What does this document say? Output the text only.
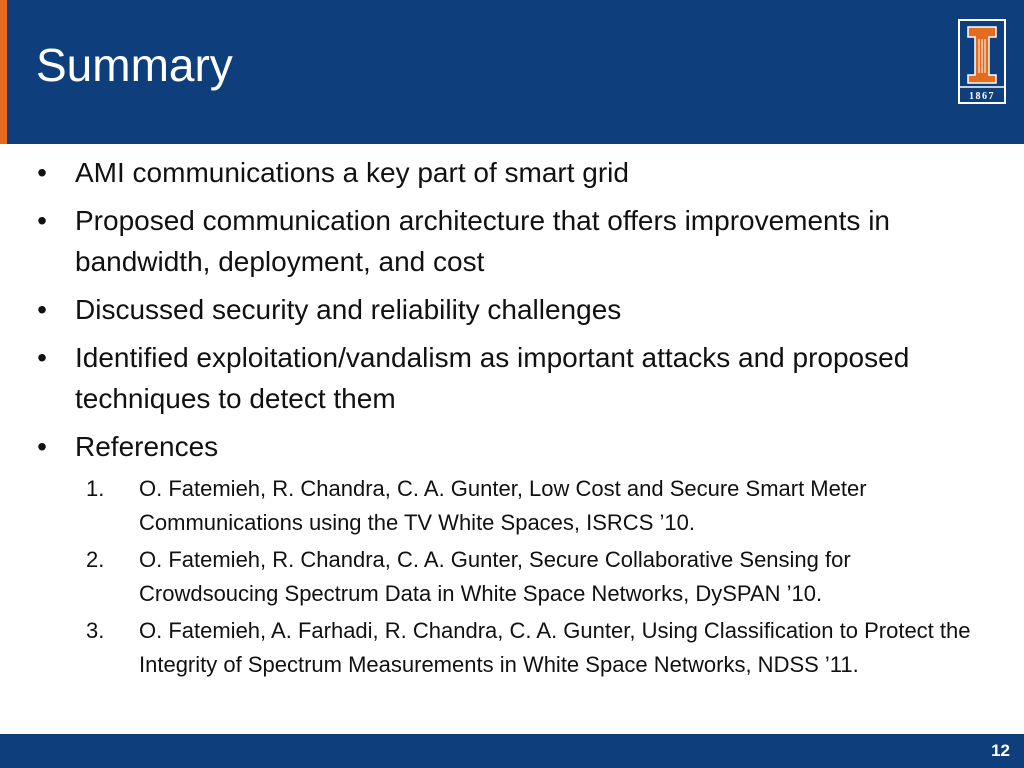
Summary
1867
• AMI communications a key part of smart grid
• Proposed communication architecture that offers improvements in bandwidth, deployment, and cost
• Discussed security and reliability challenges
• Identified exploitation/vandalism as important attacks and proposed techniques to detect them
• References
1. O. Fatemieh, R. Chandra, C. A. Gunter, Low Cost and Secure Smart Meter Communications using the TV White Spaces, ISRCS ’10.
2. O. Fatemieh, R. Chandra, C. A. Gunter, Secure Collaborative Sensing for Crowdsoucing Spectrum Data in White Space Networks, DySPAN ’10.
3. O. Fatemieh, A. Farhadi, R. Chandra, C. A. Gunter, Using Classification to Protect the Integrity of Spectrum Measurements in White Space Networks, NDSS ’11.
12
